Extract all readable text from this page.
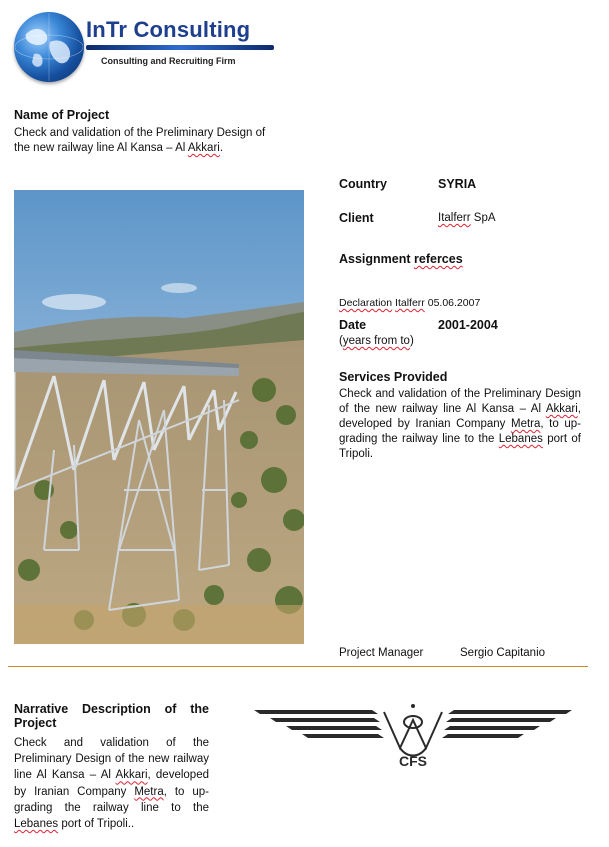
InTr Consulting
Consulting and Recruiting Firm
Name of Project
Check and validation of the Preliminary Design of
the new railway line Al Kansa – Al Akkari.
Country	SYRIA
Client	Italferr SpA
Assignment referces
Declaration Italferr 05.06.2007
Date	2001-2004
(years from to)
Services Provided
Check and validation of the Preliminary Design of the new railway line Al Kansa – Al Akkari, developed by Iranian Company Metra, to up-grading the railway line to the Lebanes port of Tripoli.
Project Manager	Sergio Capitanio
Narrative Description of the Project
Check and validation of the Preliminary Design of the new railway line Al Kansa – Al Akkari, developed by Iranian Company Metra, to up-grading the railway line to the Lebanes port of Tripoli..
CFS
